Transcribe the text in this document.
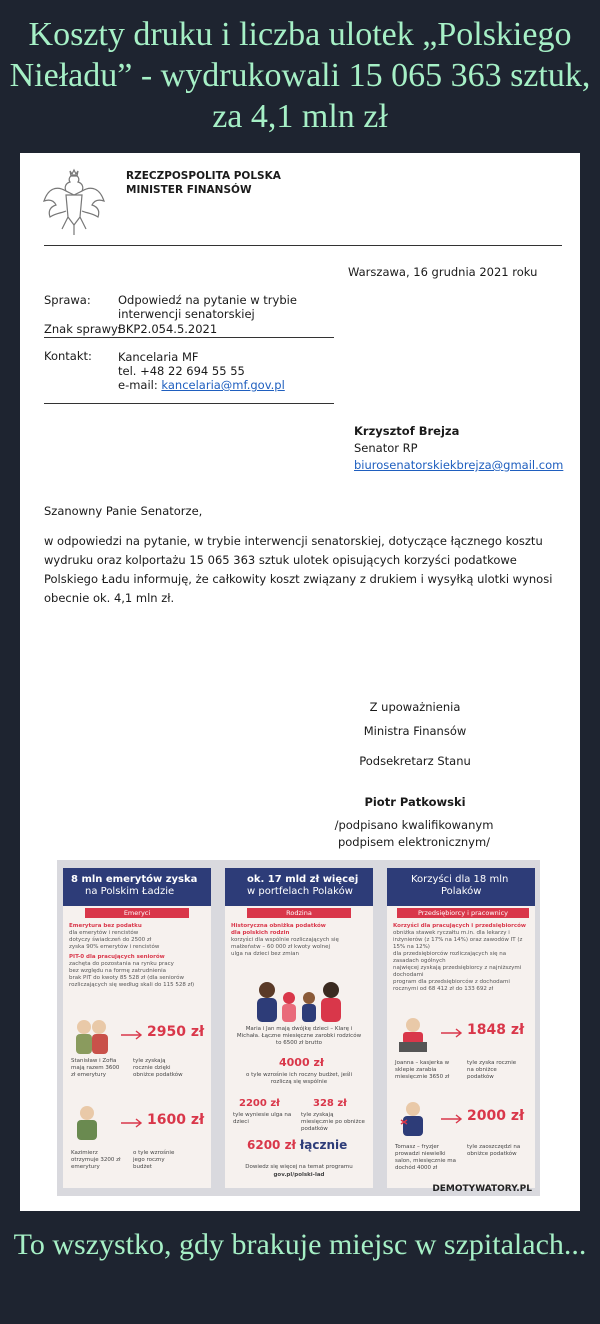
Koszty druku i liczba ulotek „Polskiego Nieładu” - wydrukowali 15 065 363 sztuk, za 4,1 mln zł
RZECZPOSPOLITA POLSKA
MINISTER FINANSÓW
Warszawa, 16 grudnia 2021 roku
Sprawa: Odpowiedź na pytanie w trybie interwencji senatorskiej
Znak sprawy:
BKP2.054.5.2021
Kontakt: Kancelaria MF
tel. +48 22 694 55 55
e-mail: kancelaria@mf.gov.pl
Krzysztof Brejza
Senator RP
biurosenatorskiekbrejza@gmail.com
Szanowny Panie Senatorze,
w odpowiedzi na pytanie, w trybie interwencji senatorskiej, dotyczące łącznego kosztu wydruku oraz kolportażu 15 065 363 sztuk ulotek opisujących korzyści podatkowe Polskiego Ładu informuję, że całkowity koszt związany z drukiem i wysyłką ulotki wynosi obecnie ok. 4,1 mln zł.
Z upoważnienia
Ministra Finansów
Podsekretarz Stanu
Piotr Patkowski
/podpisano kwalifikowanym podpisem elektronicznym/
8 mln emerytów zyska
na Polskim Ładzie
Emeryci
Emerytura bez podatku
dla emerytów i rencistów
dotyczy świadczeń do 2500 zł
zyska 90% emerytów i rencistów
PIT-0 dla pracujących seniorów
zachęta do pozostania na rynku pracy
bez względu na formę zatrudnienia
brak PIT do kwoty 85 528 zł (dla seniorów rozliczających się według skali do 115 528 zł)
2950 zł
Stanisław i Zofia mają razem 3600 zł emerytury
tyle zyskają rocznie dzięki obniżce podatków
1600 zł
Kazimierz otrzymuje 3200 zł emerytury
o tyle wzrośnie jego roczny budżet
ok. 17 mld zł więcej
w portfelach Polaków
Rodzina
Historyczna obniżka podatków dla polskich rodzin
korzyści dla wspólnie rozliczających się małżeństw – 60 000 zł kwoty wolnej
ulga na dzieci bez zmian
Maria i Jan mają dwójkę dzieci – Klarę i Michała. Łączne miesięczne zarobki rodziców to 6500 zł brutto
4000 zł
o tyle wzrośnie ich roczny budżet, jeśli rozliczą się wspólnie
2200 zł	328 zł
tyle wyniesie ulga na dzieci
tyle zyskają miesięcznie po obniżce podatków
6200 zł łącznie
Dowiedz się więcej na temat programu
gov.pl/polski-lad
Korzyści dla 18 mln
Polaków
Przedsiębiorcy i pracownicy
Korzyści dla pracujących i przedsiębiorców
obniżka stawek ryczałtu m.in. dla lekarzy i inżynierów (z 17% na 14%) oraz zawodów IT (z 15% na 12%)
dla przedsiębiorców rozliczających się na zasadach ogólnych
najwięcej zyskają przedsiębiorcy z najniższymi dochodami
program dla przedsiębiorców z dochodami rocznymi od 68 412 zł do 133 692 zł
1848 zł
Joanna – kasjerka w sklepie zarabia miesięcznie 3650 zł
tyle zyska rocznie na obniżce podatków
2000 zł
Tomasz – fryzjer prowadzi niewielki salon, miesięcznie ma dochód 4000 zł
tyle zaoszczędzi na obniżce podatków
DEMOTYWATORY.PL
To wszystko, gdy brakuje miejsc w szpitalach...
